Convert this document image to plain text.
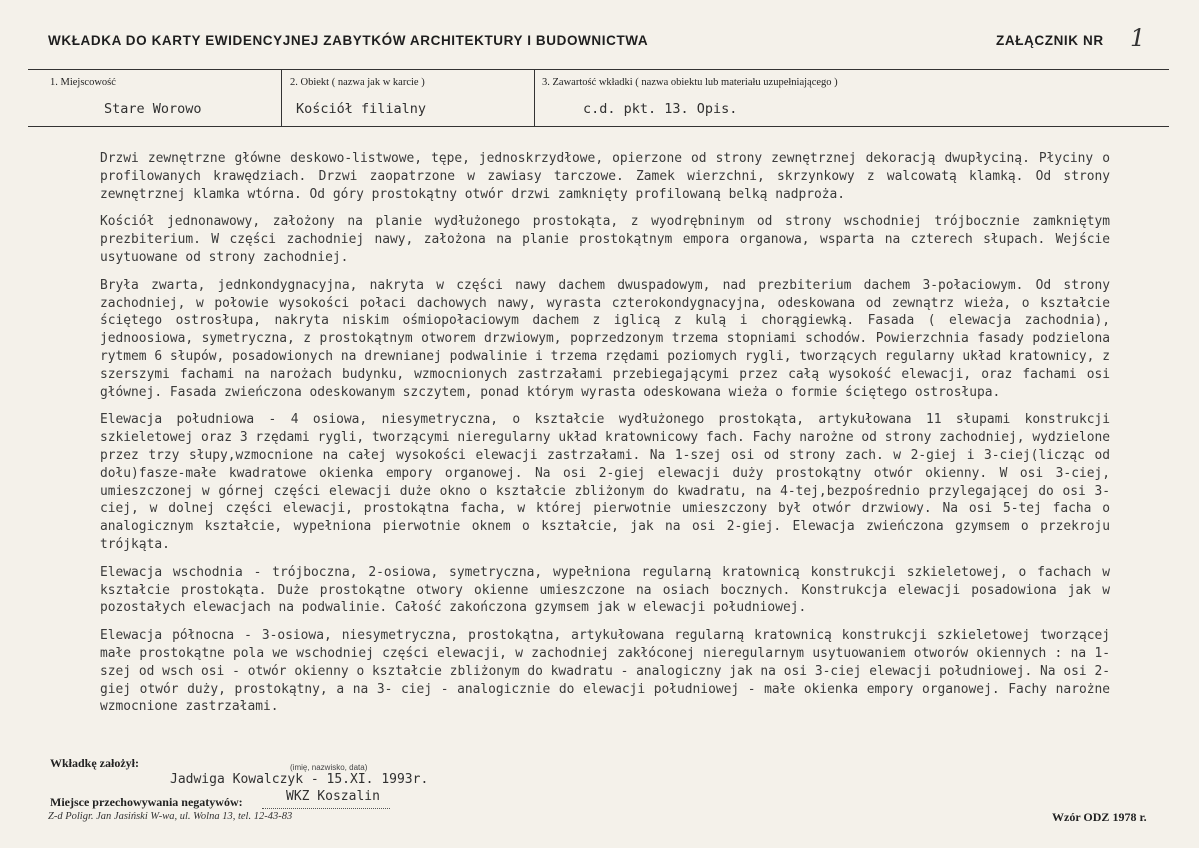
WKŁADKA DO KARTY EWIDENCYJNEJ ZABYTKÓW ARCHITEKTURY I BUDOWNICTWA	ZAŁĄCZNIK NR 1
1. Miejscowość
Stare Worowo
2. Obiekt ( nazwa jak w karcie )
Kościół filialny
3. Zawartość wkładki ( nazwa obiektu lub materiału uzupełniającego )
c.d. pkt. 13. Opis.

Drzwi zewnętrzne główne deskowo-listwowe, tępe, jednoskrzydłowe, opierzone od strony zewnętrznej dekoracją dwupłyciną. Płyciny o profilowanych krawędziach. Drzwi zaopatrzone w zawiasy tarczowe. Zamek wierzchni, skrzynkowy z walcowatą klamką. Od strony zewnętrznej klamka wtórna. Od góry prostokątny otwór drzwi zamknięty profilowaną belką nadproża.

Kościół jednonawowy, założony na planie wydłużonego prostokąta, z wyodrębninym od strony wschodniej trójbocznie zamkniętym prezbiterium. W części zachodniej nawy, założona na planie prostokątnym empora organowa, wsparta na czterech słupach. Wejście usytuowane od strony zachodniej.

Bryła zwarta, jednkondygnacyjna, nakryta w części nawy dachem dwuspadowym, nad prezbiterium dachem 3-połaciowym. Od strony zachodniej, w połowie wysokości połaci dachowych nawy, wyrasta czterokondygnacyjna, odeskowana od zewnątrz wieża, o kształcie ściętego ostrosłupa, nakryta niskim ośmiopołaciowym dachem z iglicą z kulą i chorągiewką. Fasada ( elewacja zachodnia), jednoosiowa, symetryczna, z prostokątnym otworem drzwiowym, poprzedzonym trzema stopniami schodów. Powierzchnia fasady podzielona rytmem 6 słupów, posadowionych na drewnianej podwalinie i trzema rzędami poziomych rygli, tworzących regularny układ kratownicy, z szerszymi fachami na narożach budynku, wzmocnionych zastrzałami przebiegającymi przez całą wysokość elewacji, oraz fachami osi głównej. Fasada zwieńczona odeskowanym szczytem, ponad którym wyrasta odeskowana wieża o formie ściętego ostrosłupa.

Elewacja południowa - 4 osiowa, niesymetryczna, o kształcie wydłużonego prostokąta, artykułowana 11 słupami konstrukcji szkieletowej oraz 3 rzędami rygli, tworzącymi nieregularny układ kratownicowy fach. Fachy narożne od strony zachodniej, wydzielone przez trzy słupy,wzmocnione na całej wysokości elewacji zastrzałami. Na 1-szej osi od strony zach. w 2-giej i 3-ciej(licząc od dołu)fasze-małe kwadratowe okienka empory organowej. Na osi 2-giej elewacji duży prostokątny otwór okienny. W osi 3-ciej, umieszczonej w górnej części elewacji duże okno o kształcie zbliżonym do kwadratu, na 4-tej,bezpośrednio przylegającej do osi 3-ciej, w dolnej części elewacji, prostokątna facha, w której pierwotnie umieszczony był otwór drzwiowy. Na osi 5-tej facha o analogicznym kształcie, wypełniona pierwotnie oknem o kształcie, jak na osi 2-giej. Elewacja zwieńczona gzymsem o przekroju trójkąta.

Elewacja wschodnia - trójboczna, 2-osiowa, symetryczna, wypełniona regularną kratownicą konstrukcji szkieletowej, o fachach w kształcie prostokąta. Duże prostokątne otwory okienne umieszczone na osiach bocznych. Konstrukcja elewacji posadowiona jak w pozostałych elewacjach na podwalinie. Całość zakończona gzymsem jak w elewacji południowej.

Elewacja północna - 3-osiowa, niesymetryczna, prostokątna, artykułowana regularną kratownicą konstrukcji szkieletowej tworzącej małe prostokątne pola we wschodniej części elewacji, w zachodniej zakłóconej nieregularnym usytuowaniem otworów okiennych : na 1-szej od wsch osi - otwór okienny o kształcie zbliżonym do kwadratu - analogiczny jak na osi 3-ciej elewacji południowej. Na osi 2-giej otwór duży, prostokątny, a na 3- ciej - analogicznie do elewacji południowej - małe okienka empory organowej. Fachy narożne wzmocnione zastrzałami.

Wkładkę założył:	(imię, nazwisko, data)
Jadwiga Kowalczyk - 15.XI. 1993r.
Miejsce przechowywania negatywów:	WKZ Koszalin
Z-d Poligr. Jan Jasiński W-wa, ul. Wolna 13, tel. 12-43-83	Wzór ODZ 1978 r.
